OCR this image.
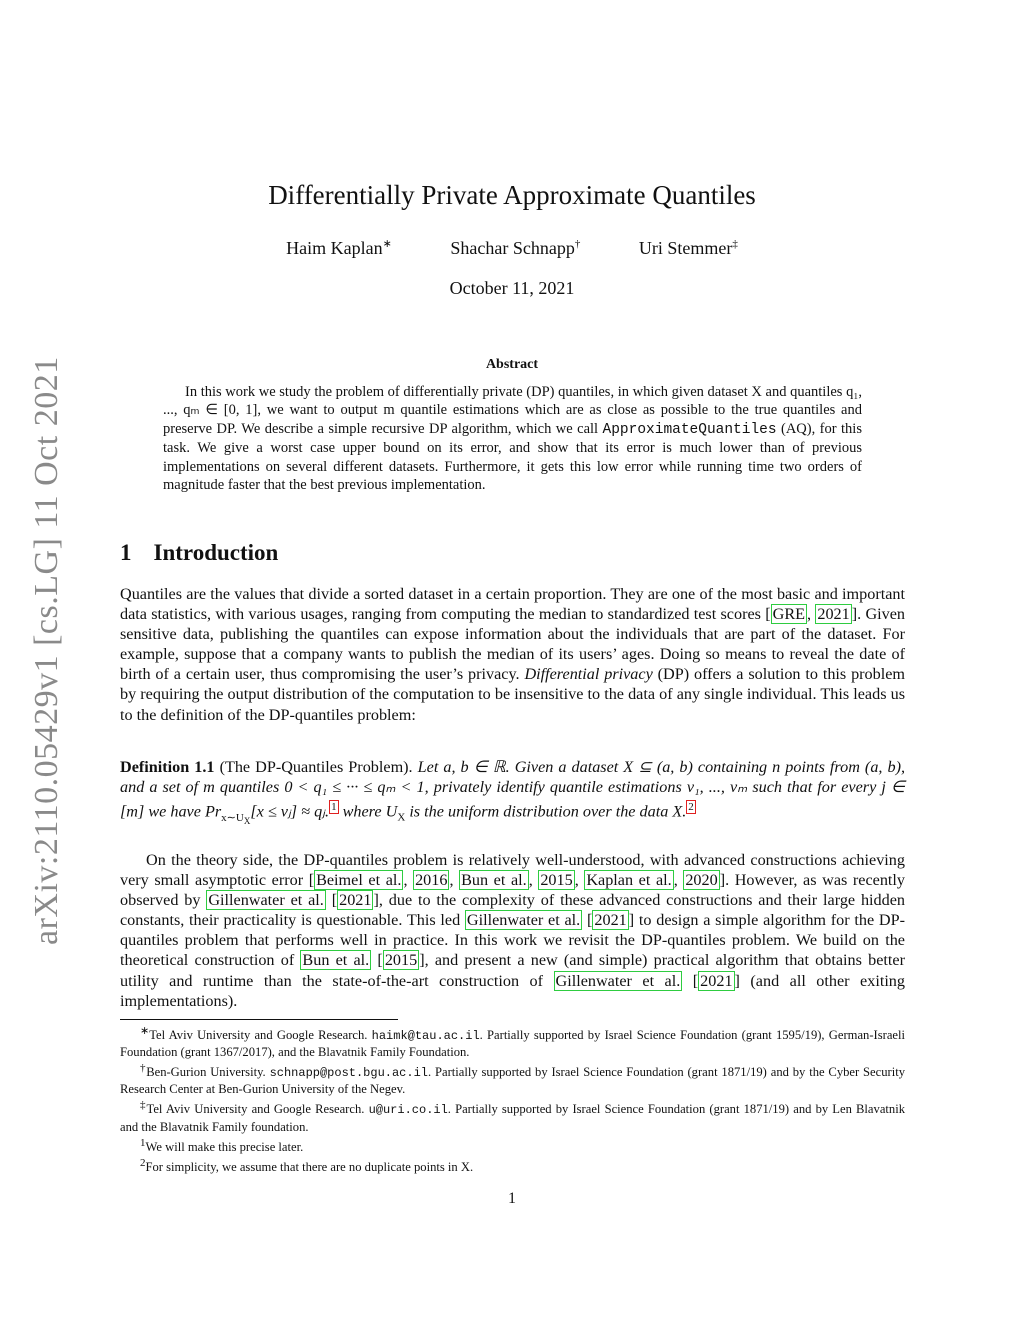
arXiv:2110.05429v1 [cs.LG] 11 Oct 2021
Differentially Private Approximate Quantiles
Haim Kaplan∗	Shachar Schnapp†	Uri Stemmer‡
October 11, 2021
Abstract
In this work we study the problem of differentially private (DP) quantiles, in which given dataset X and quantiles q₁, ..., qₘ ∈ [0, 1], we want to output m quantile estimations which are as close as possible to the true quantiles and preserve DP. We describe a simple recursive DP algorithm, which we call ApproximateQuantiles (AQ), for this task. We give a worst case upper bound on its error, and show that its error is much lower than of previous implementations on several different datasets. Furthermore, it gets this low error while running time two orders of magnitude faster that the best previous implementation.
1 Introduction
Quantiles are the values that divide a sorted dataset in a certain proportion. They are one of the most basic and important data statistics, with various usages, ranging from computing the median to standardized test scores [ GRE , 2021 ]. Given sensitive data, publishing the quantiles can expose information about the individuals that are part of the dataset. For example, suppose that a company wants to publish the median of its users’ ages. Doing so means to reveal the date of birth of a certain user, thus compromising the user’s privacy. Differential privacy (DP) offers a solution to this problem by requiring the output distribution of the computation to be insensitive to the data of any single individual. This leads us to the definition of the DP-quantiles problem:
Definition 1.1 (The DP-Quantiles Problem). Let a, b ∈ ℝ. Given a dataset X ⊆ (a, b) containing n points from (a, b), and a set of m quantiles 0 < q₁ ≤ ··· ≤ qₘ < 1, privately identify quantile estimations v₁, ..., vₘ such that for every j ∈ [m] we have $Pr_{x\sim U_X}[x$ ≤ vⱼ] ≈ qⱼ. $^1$ where $U_X$ is the uniform distribution over the data X. $^2$
On the theory side, the DP-quantiles problem is relatively well-understood, with advanced constructions achieving very small asymptotic error [ Beimel et al. , 2016 , Bun et al. , 2015 , Kaplan et al. , 2020 ]. However, as was recently observed by Gillenwater et al. [ 2021 ], due to the complexity of these advanced constructions and their large hidden constants, their practicality is questionable. This led Gillenwater et al. [ 2021 ] to design a simple algorithm for the DP-quantiles problem that performs well in practice. In this work we revisit the DP-quantiles problem. We build on the theoretical construction of Bun et al. [ 2015 ], and present a new (and simple) practical algorithm that obtains better utility and runtime than the state-of-the-art construction of Gillenwater et al. [ 2021 ] (and all other exiting implementations).

∗Tel Aviv University and Google Research. haimk@tau.ac.il. Partially supported by Israel Science Foundation (grant 1595/19), German-Israeli Foundation (grant 1367/2017), and the Blavatnik Family Foundation.

†Ben-Gurion University. schnapp@post.bgu.ac.il. Partially supported by Israel Science Foundation (grant 1871/19) and by the Cyber Security Research Center at Ben-Gurion University of the Negev.

‡Tel Aviv University and Google Research. u@uri.co.il. Partially supported by Israel Science Foundation (grant 1871/19) and by Len Blavatnik and the Blavatnik Family foundation.

$^1$We will make this precise later.

$^2$For simplicity, we assume that there are no duplicate points in X.

1
